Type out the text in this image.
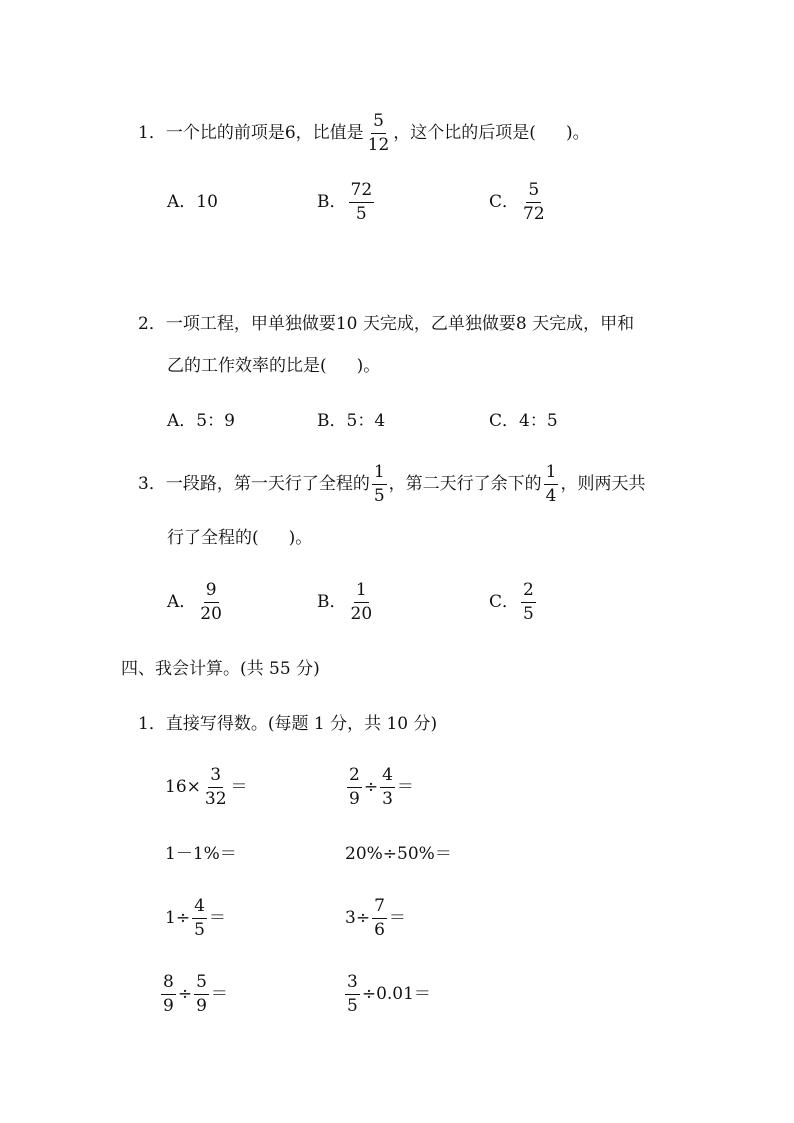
1．一个比的前项是6，比值是 $\frac{5}{12}$ ，这个比的后项是( )。
A．10	B． $\frac{72}{5}$	C． $\frac{5}{72}$
2．一项工程，甲单独做要10 天完成，乙单独做要8 天完成，甲和
乙的工作效率的比是( )。
A．5：9	B．5：4	C．4：5
3．一段路，第一天行了全程的 $\frac{1}{5}$ ，第二天行了余下的 $\frac{1}{4}$ ，则两天共
行了全程的( )。
A． $\frac{9}{20}$	B． $\frac{1}{20}$	C． $\frac{2}{5}$
四、我会计算。(共 55 分)
1．直接写得数。(每题 1 分，共 10 分)
$16\times \frac{3}{32}$ ＝	$\frac{2}{9} \div \frac{4}{3}$ ＝
1－1%＝	20%÷50%＝
$1\div \frac{4}{5}$ ＝	$3\div \frac{7}{6}$ ＝
$\frac{8}{9} \div \frac{5}{9}$ ＝	$\frac{3}{5} \div 0.01=$
